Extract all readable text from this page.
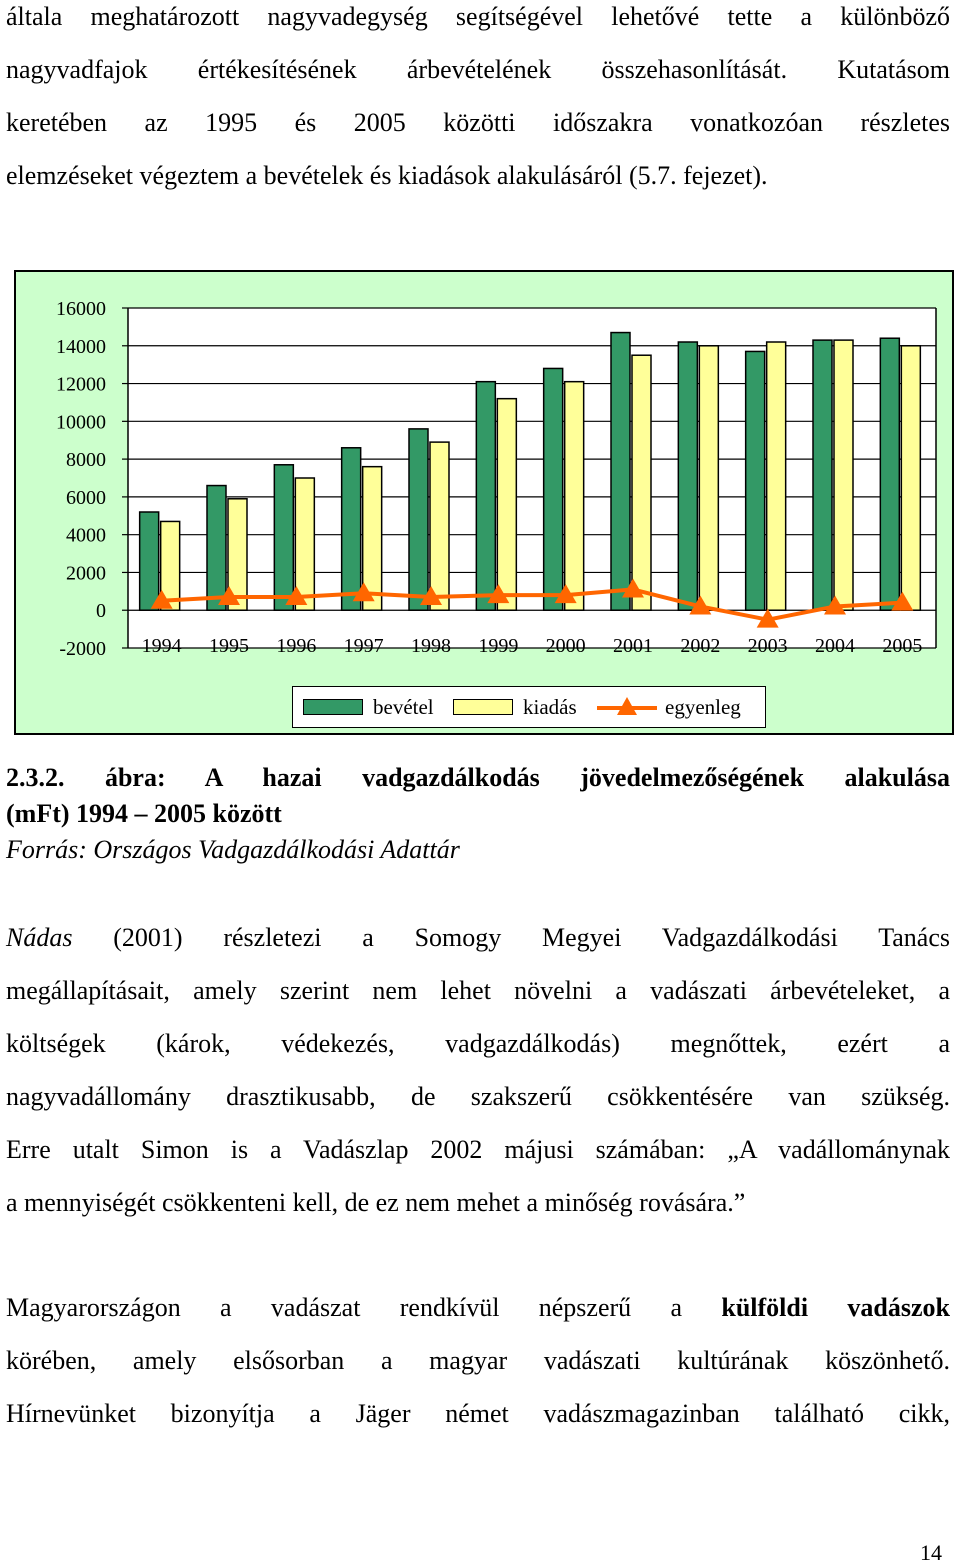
általa meghatározott nagyvadegység segítségével lehetővé tette a különböző
nagyvadfajok értékesítésének árbevételének összehasonlítását. Kutatásom
keretében az 1995 és 2005 közötti időszakra vonatkozóan részletes
elemzéseket végeztem a bevételek és kiadások alakulásáról (5.7. fejezet).
16000
14000
12000
10000
8000
6000
4000
2000
0
-2000 1994 1995 1996 1997 1998 1999 2000 2001 2002 2003 2004 2005
bevétel	kiadás	egyenleg
2.3.2. ábra: A hazai vadgazdálkodás jövedelmezőségének alakulása
(mFt) 1994 – 2005 között
Forrás: Országos Vadgazdálkodási Adattár
Nádas (2001) részletezi a Somogy Megyei Vadgazdálkodási Tanács
megállapításait, amely szerint nem lehet növelni a vadászati árbevételeket, a
költségek (károk, védekezés, vadgazdálkodás) megnőttek, ezért a
nagyvadállomány drasztikusabb, de szakszerű csökkentésére van szükség.
Erre utalt Simon is a Vadászlap 2002 májusi számában: „A vadállománynak
a mennyiségét csökkenteni kell, de ez nem mehet a minőség rovására.”
Magyarországon a vadászat rendkívül népszerű a külföldi vadászok
körében, amely elsősorban a magyar vadászati kultúrának köszönhető.
Hírnevünket bizonyítja a Jäger német vadászmagazinban található cikk,
14
